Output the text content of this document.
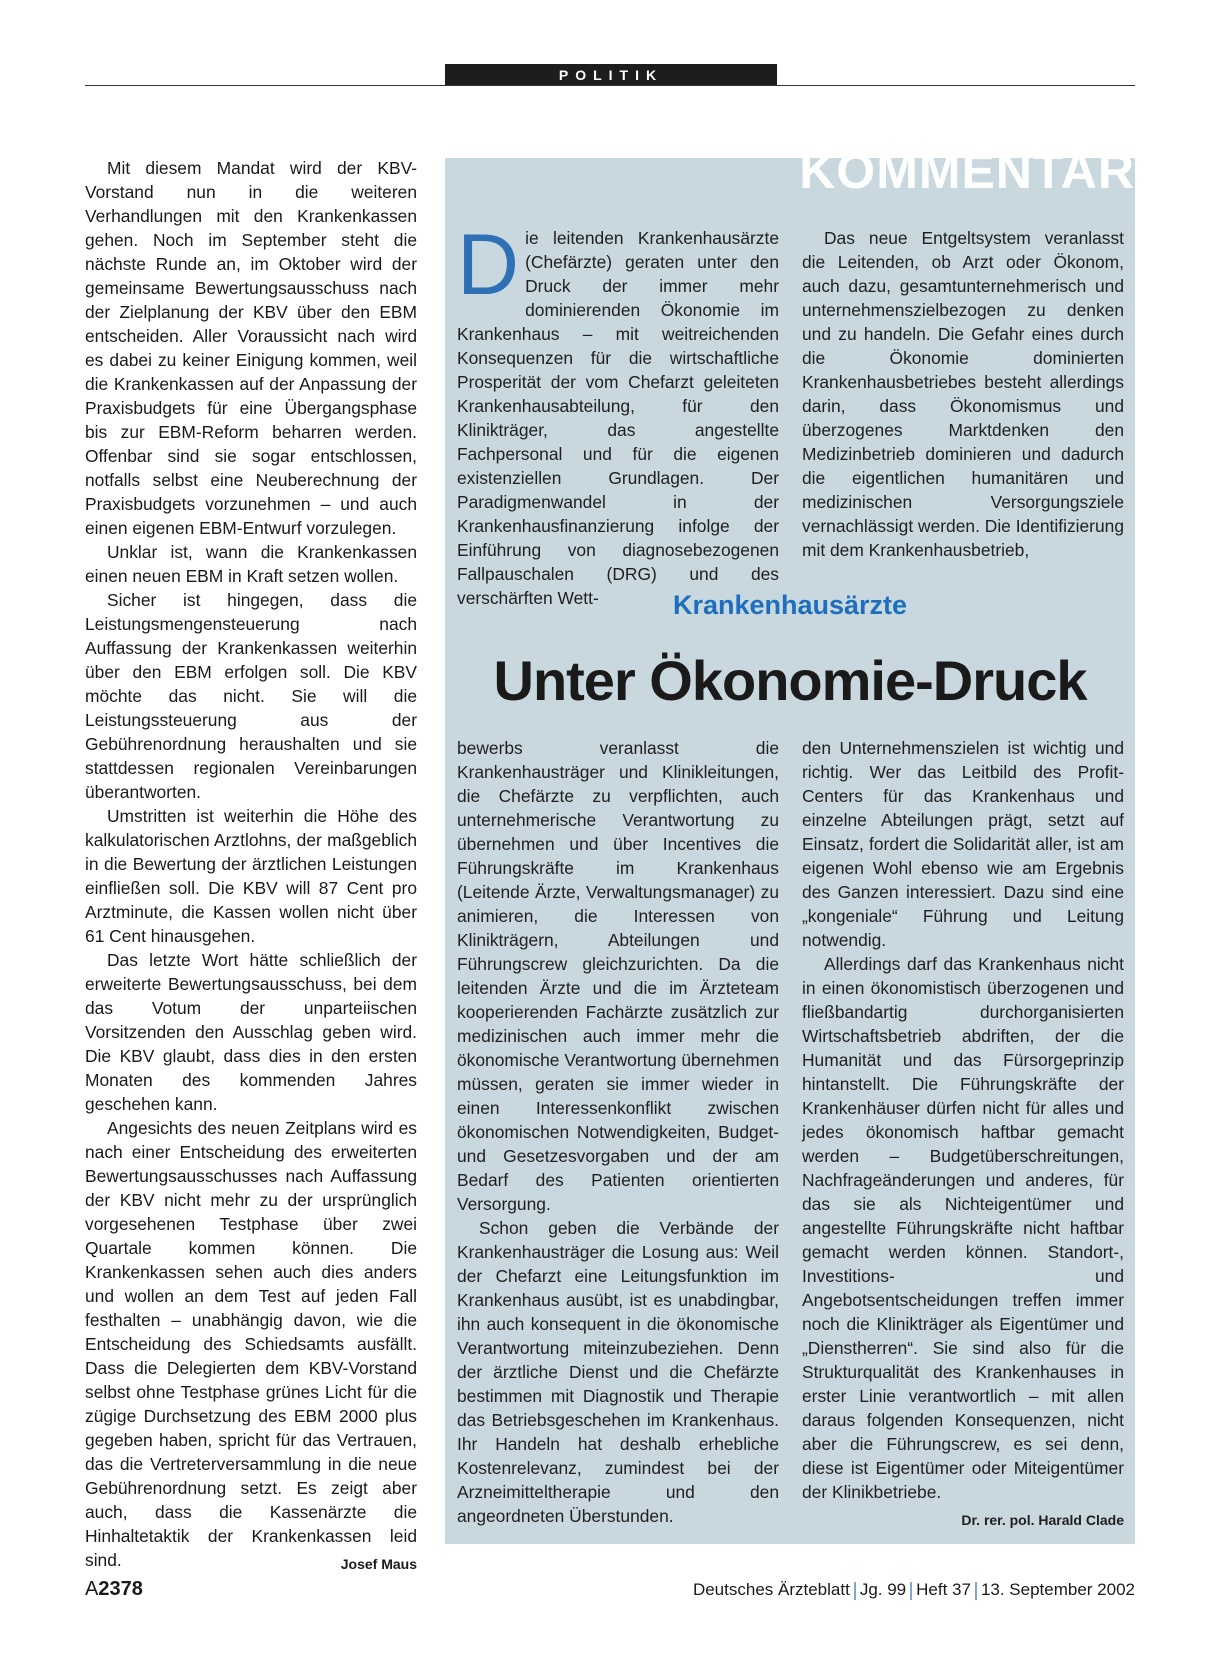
POLITIK

Mit diesem Mandat wird der KBV-Vorstand nun in die weiteren Verhandlungen mit den Krankenkassen gehen. Noch im September steht die nächste Runde an, im Oktober wird der gemeinsame Bewertungsausschuss nach der Zielplanung der KBV über den EBM entscheiden. Aller Voraussicht nach wird es dabei zu keiner Einigung kommen, weil die Krankenkassen auf der Anpassung der Praxisbudgets für eine Übergangsphase bis zur EBM-Reform beharren werden. Offenbar sind sie sogar entschlossen, notfalls selbst eine Neuberechnung der Praxisbudgets vorzunehmen – und auch einen eigenen EBM-Entwurf vorzulegen.

Unklar ist, wann die Krankenkassen einen neuen EBM in Kraft setzen wollen.

Sicher ist hingegen, dass die Leistungsmengensteuerung nach Auffassung der Krankenkassen weiterhin über den EBM erfolgen soll. Die KBV möchte das nicht. Sie will die Leistungssteuerung aus der Gebührenordnung heraushalten und sie stattdessen regionalen Vereinbarungen überantworten.

Umstritten ist weiterhin die Höhe des kalkulatorischen Arztlohns, der maßgeblich in die Bewertung der ärztlichen Leistungen einfließen soll. Die KBV will 87 Cent pro Arztminute, die Kassen wollen nicht über 61 Cent hinausgehen.

Das letzte Wort hätte schließlich der erweiterte Bewertungsausschuss, bei dem das Votum der unparteiischen Vorsitzenden den Ausschlag geben wird. Die KBV glaubt, dass dies in den ersten Monaten des kommenden Jahres geschehen kann.

Angesichts des neuen Zeitplans wird es nach einer Entscheidung des erweiterten Bewertungsausschusses nach Auffassung der KBV nicht mehr zu der ursprünglich vorgesehenen Testphase über zwei Quartale kommen können. Die Krankenkassen sehen auch dies anders und wollen an dem Test auf jeden Fall festhalten – unabhängig davon, wie die Entscheidung des Schiedsamts ausfällt. Dass die Delegierten dem KBV-Vorstand selbst ohne Testphase grünes Licht für die zügige Durchsetzung des EBM 2000 plus gegeben haben, spricht für das Vertrauen, das die Vertreterversammlung in die neue Gebührenordnung setzt. Es zeigt aber auch, dass die Kassenärzte die Hinhaltetaktik der Krankenkassen leid sind.	Josef Maus

KOMMENTAR

Die leitenden Krankenhausärzte (Chefärzte) geraten unter den Druck der immer mehr dominierenden Ökonomie im Krankenhaus – mit weitreichenden Konsequenzen für die wirtschaftliche Prosperität der vom Chefarzt geleiteten Krankenhausabteilung, für den Klinikträger, das angestellte Fachpersonal und für die eigenen existenziellen Grundlagen. Der Paradigmenwandel in der Krankenhausfinanzierung infolge der Einführung von diagnosebezogenen Fallpauschalen (DRG) und des verschärften Wett-

Das neue Entgeltsystem veranlasst die Leitenden, ob Arzt oder Ökonom, auch dazu, gesamtunternehmerisch und unternehmenszielbezogen zu denken und zu handeln. Die Gefahr eines durch die Ökonomie dominierten Krankenhausbetriebes besteht allerdings darin, dass Ökonomismus und überzogenes Marktdenken den Medizinbetrieb dominieren und dadurch die eigentlichen humanitären und medizinischen Versorgungsziele vernachlässigt werden. Die Identifizierung mit dem Krankenhausbetrieb,

Krankenhausärzte
Unter Ökonomie-Druck

bewerbs veranlasst die Krankenhausträger und Klinikleitungen, die Chefärzte zu verpflichten, auch unternehmerische Verantwortung zu übernehmen und über Incentives die Führungskräfte im Krankenhaus (Leitende Ärzte, Verwaltungsmanager) zu animieren, die Interessen von Klinikträgern, Abteilungen und Führungscrew gleichzurichten. Da die leitenden Ärzte und die im Ärzteteam kooperierenden Fachärzte zusätzlich zur medizinischen auch immer mehr die ökonomische Verantwortung übernehmen müssen, geraten sie immer wieder in einen Interessenkonflikt zwischen ökonomischen Notwendigkeiten, Budget- und Gesetzesvorgaben und der am Bedarf des Patienten orientierten Versorgung.

Schon geben die Verbände der Krankenhausträger die Losung aus: Weil der Chefarzt eine Leitungsfunktion im Krankenhaus ausübt, ist es unabdingbar, ihn auch konsequent in die ökonomische Verantwortung miteinzubeziehen. Denn der ärztliche Dienst und die Chefärzte bestimmen mit Diagnostik und Therapie das Betriebsgeschehen im Krankenhaus. Ihr Handeln hat deshalb erhebliche Kostenrelevanz, zumindest bei der Arzneimitteltherapie und den angeordneten Überstunden.

den Unternehmenszielen ist wichtig und richtig. Wer das Leitbild des Profit-Centers für das Krankenhaus und einzelne Abteilungen prägt, setzt auf Einsatz, fordert die Solidarität aller, ist am eigenen Wohl ebenso wie am Ergebnis des Ganzen interessiert. Dazu sind eine „kongeniale“ Führung und Leitung notwendig.

Allerdings darf das Krankenhaus nicht in einen ökonomistisch überzogenen und fließbandartig durchorganisierten Wirtschaftsbetrieb abdriften, der die Humanität und das Fürsorgeprinzip hintanstellt. Die Führungskräfte der Krankenhäuser dürfen nicht für alles und jedes ökonomisch haftbar gemacht werden – Budgetüberschreitungen, Nachfrageänderungen und anderes, für das sie als Nichteigentümer und angestellte Führungskräfte nicht haftbar gemacht werden können. Standort-, Investitions- und Angebotsentscheidungen treffen immer noch die Klinikträger als Eigentümer und „Dienstherren“. Sie sind also für die Strukturqualität des Krankenhauses in erster Linie verantwortlich – mit allen daraus folgenden Konsequenzen, nicht aber die Führungscrew, es sei denn, diese ist Eigentümer oder Miteigentümer der Klinikbetriebe.
Dr. rer. pol. Harald Clade

A2378	Deutsches Ärzteblatt Jg. 99 Heft 37 13. September 2002
